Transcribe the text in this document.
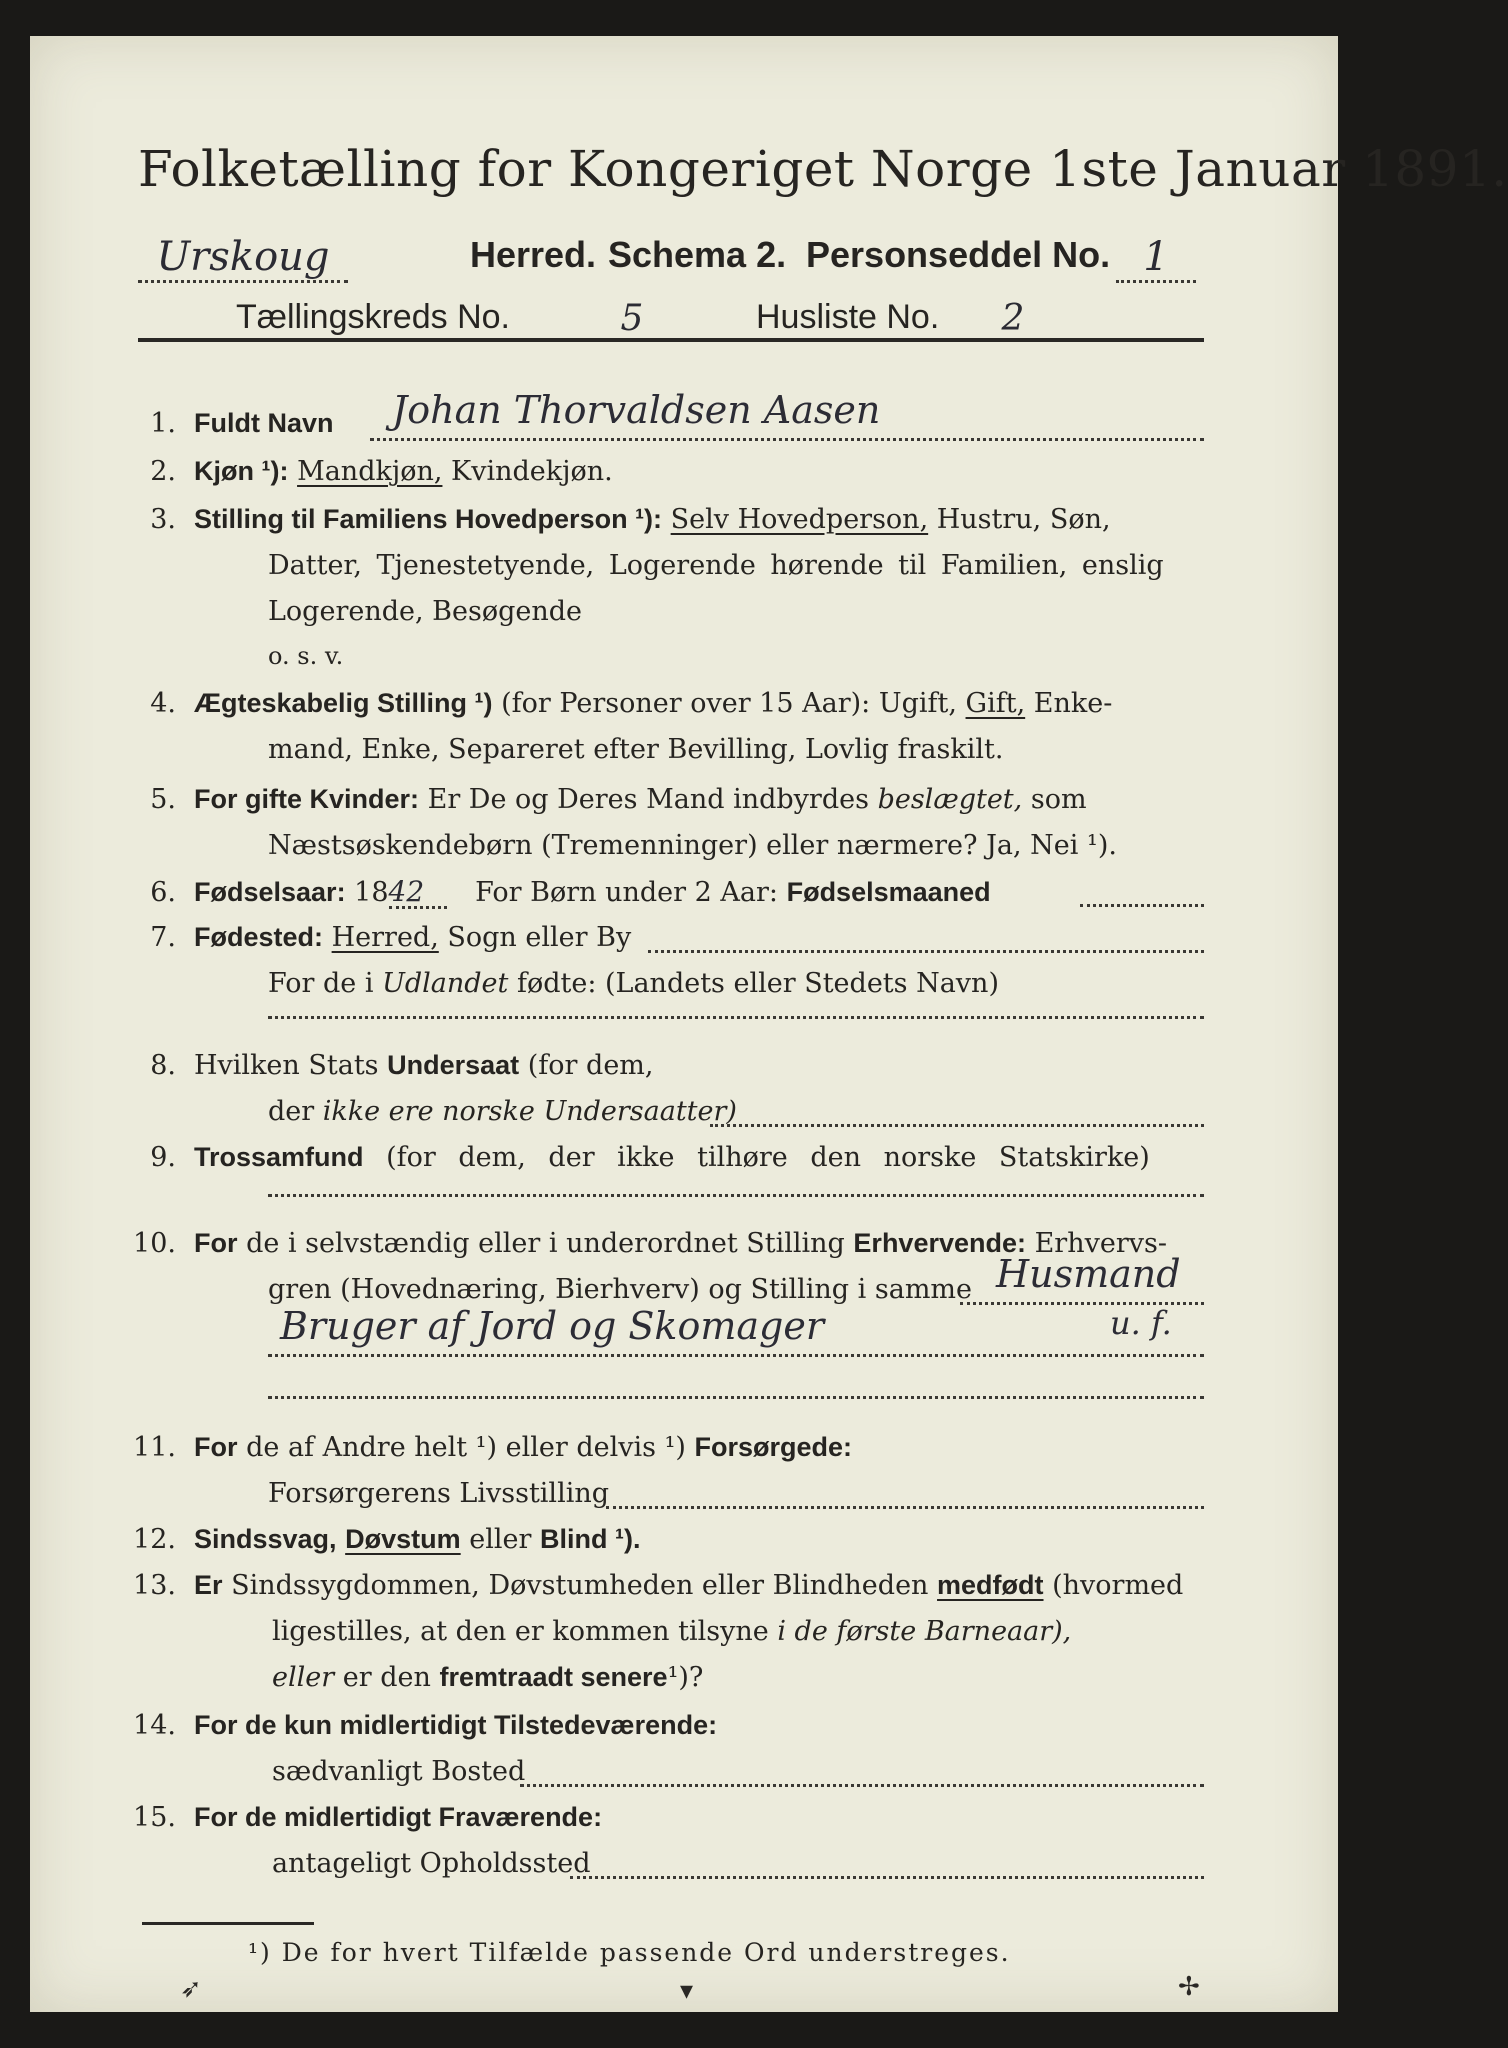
Folketælling for Kongeriget Norge 1ste Januar 1891.
Urskoug	Herred. Schema 2. Personseddel No. 1
Tællingskreds No.	5	Husliste No.	2
1. Fuldt Navn Johan Thorvaldsen Aasen
2. Kjøn ¹): Mandkjøn, Kvindekjøn.
3. Stilling til Familiens Hovedperson ¹): Selv Hovedperson, Hustru, Søn,
Datter, Tjenestetyende, Logerende hørende til Familien, enslig
Logerende, Besøgende
o. s. v.
4. Ægteskabelig Stilling ¹) (for Personer over 15 Aar): Ugift, Gift, Enke-
mand, Enke, Separeret efter Bevilling, Lovlig fraskilt.
5. For gifte Kvinder: Er De og Deres Mand indbyrdes beslægtet, som
Næstsøskendebørn (Tremenninger) eller nærmere? Ja, Nei ¹).
6. Fødselsaar: 1842 For Børn under 2 Aar: Fødselsmaaned
7. Fødested: Herred, Sogn eller By
For de i Udlandet fødte: (Landets eller Stedets Navn)
8. Hvilken Stats Undersaat (for dem,
der ikke ere norske Undersaatter)
9. Trossamfund (for dem, der ikke tilhøre den norske Statskirke)
10. For de i selvstændig eller i underordnet Stilling Erhvervende: Erhvervs-
gren (Hovednæring, Bierhverv) og Stilling i samme Husmand
Bruger af Jord og Skomager	u. f.
11. For de af Andre helt ¹) eller delvis ¹) Forsørgede:
Forsørgerens Livsstilling
12. Sindssvag, Døvstum eller Blind ¹).
13. Er Sindssygdommen, Døvstumheden eller Blindheden medfødt (hvormed
ligestilles, at den er kommen tilsyne i de første Barneaar),
eller er den fremtraadt senere¹)?
14. For de kun midlertidigt Tilstedeværende:
sædvanligt Bosted
15. For de midlertidigt Fraværende:
antageligt Opholdssted
¹) De for hvert Tilfælde passende Ord understreges.
➶	▾	✢
